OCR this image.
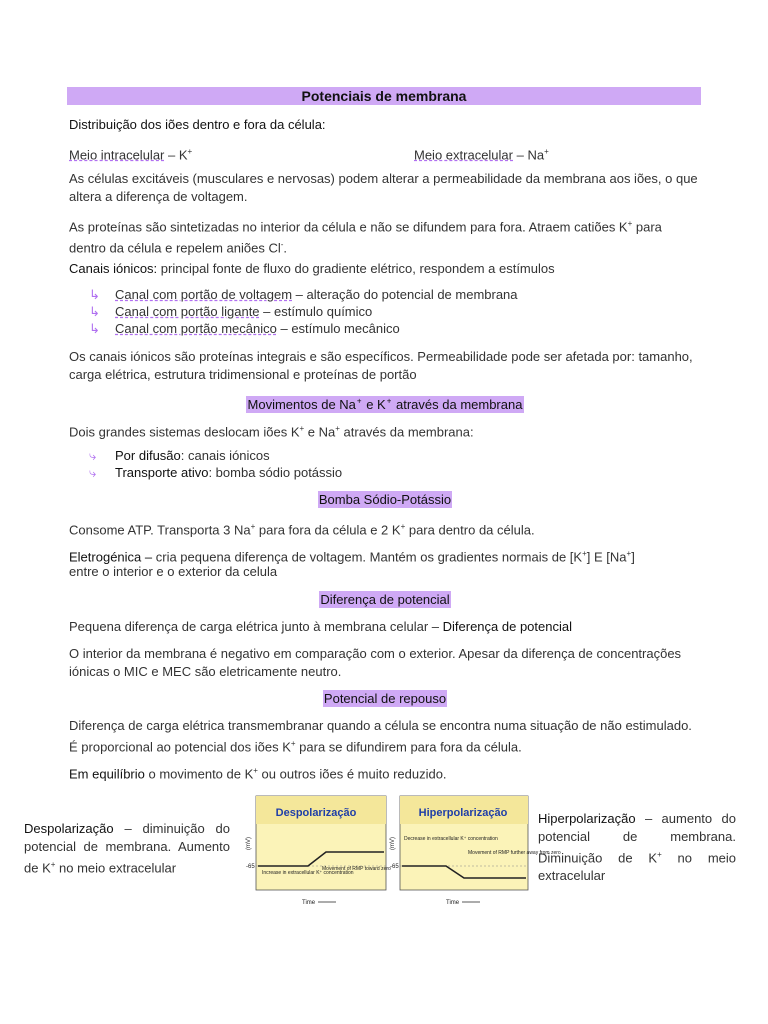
Potenciais de membrana
Distribuição dos iões dentro e fora da célula:
Meio intracelular – K+	Meio extracelular – Na+
As células excitáveis (musculares e nervosas) podem alterar a permeabilidade da membrana aos iões, o que altera a diferença de voltagem.
As proteínas são sintetizadas no interior da célula e não se difundem para fora. Atraem catiões K+ para dentro da célula e repelem aniões Cl-.
Canais iónicos: principal fonte de fluxo do gradiente elétrico, respondem a estímulos
↳ Canal com portão de voltagem – alteração do potencial de membrana
↳ Canal com portão ligante – estímulo químico
↳ Canal com portão mecânico – estímulo mecânico
Os canais iónicos são proteínas integrais e são específicos. Permeabilidade pode ser afetada por: tamanho, carga elétrica, estrutura tridimensional e proteínas de portão
Movimentos de Na+ e K+ através da membrana
Dois grandes sistemas deslocam iões K+ e Na+ através da membrana:
⤷ Por difusão: canais iónicos
⤷ Transporte ativo: bomba sódio potássio
Bomba Sódio-Potássio
Consome ATP. Transporta 3 Na+ para fora da célula e 2 K+ para dentro da célula.
Eletrogénica – cria pequena diferença de voltagem. Mantém os gradientes normais de [K+] E [Na+]
entre o interior e o exterior da celula
Diferença de potencial
Pequena diferença de carga elétrica junto à membrana celular – Diferença de potencial
O interior da membrana é negativo em comparação com o exterior. Apesar da diferença de concentrações iónicas o MIC e MEC são eletricamente neutro.
Potencial de repouso
Diferença de carga elétrica transmembranar quando a célula se encontra numa situação de não estimulado. É proporcional ao potencial dos iões K+ para se difundirem para fora da célula.
Em equilíbrio o movimento de K+ ou outros iões é muito reduzido.
Despolarização – diminuição do potencial de membrana. Aumento de K+ no meio extracelular
Hiperpolarização – aumento do potencial de membrana. Diminuição de K+ no meio extracelular
Despolarização
(mV)
-65
Increase in extracellular K⁺ concentration
Movement of RMP toward zero
Time
Hiperpolarização
(mV)
-65
Decrease in extracellular K⁺ concentration
Movement of RMP further away from zero
Time
